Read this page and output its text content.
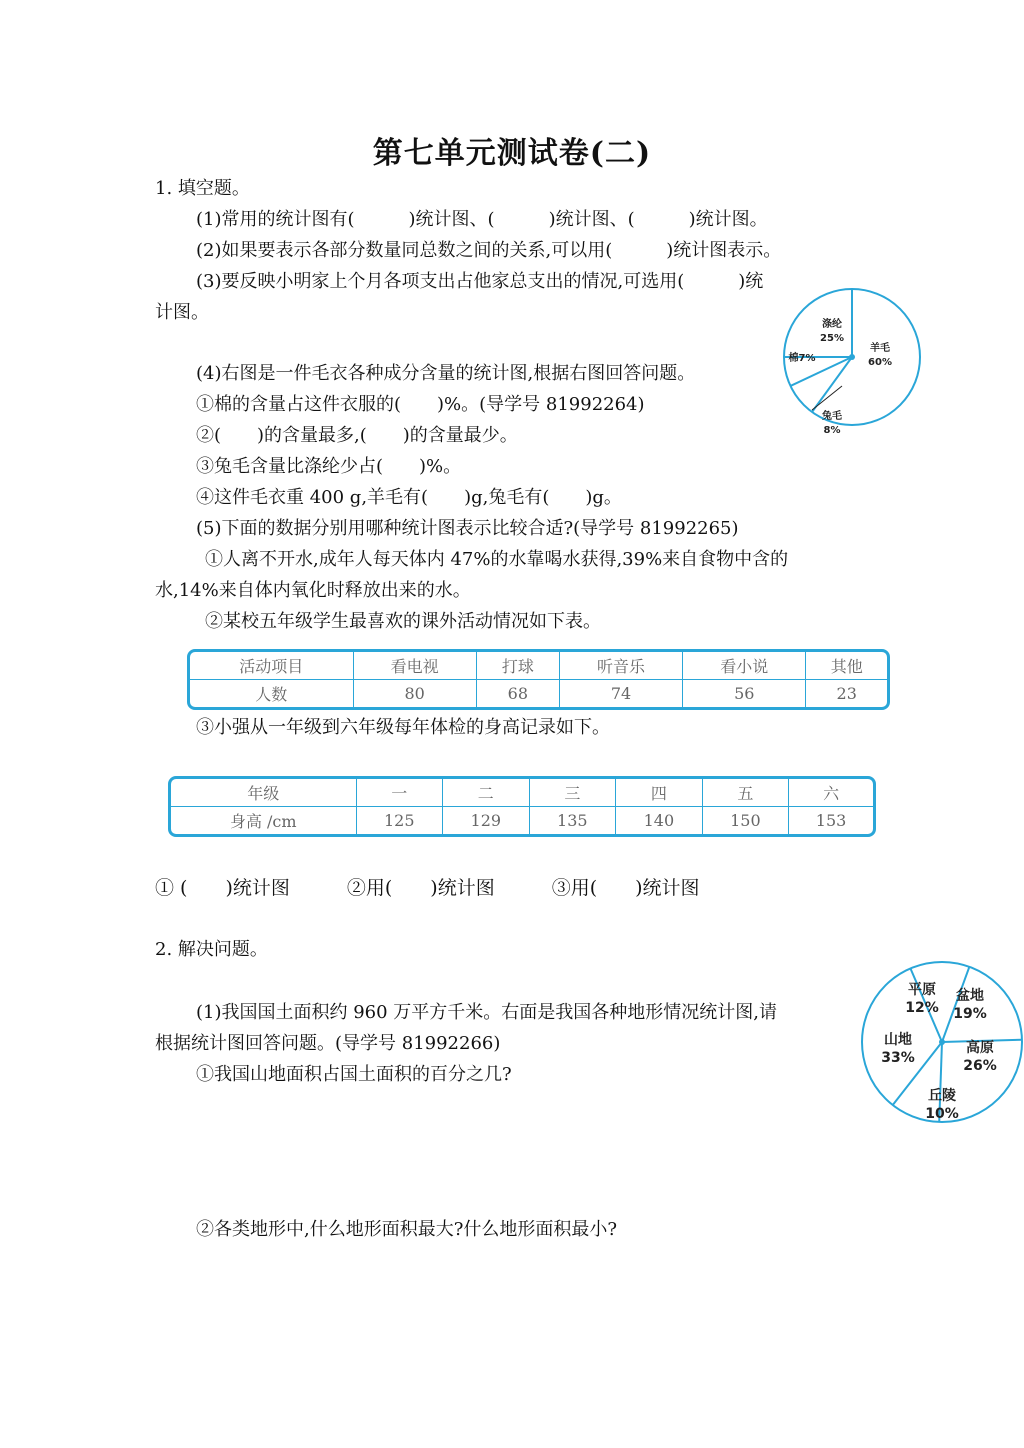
第七单元测试卷(二)
1. 填空题。
(1)常用的统计图有(　　　)统计图、(　　　)统计图、(　　　)统计图。
(2)如果要表示各部分数量同总数之间的关系,可以用(　　　)统计图表示。
(3)要反映小明家上个月各项支出占他家总支出的情况,可选用(　　　)统
计图。
(4)右图是一件毛衣各种成分含量的统计图,根据右图回答问题。
①棉的含量占这件衣服的(　　)%。(导学号 81992264)
②(　　)的含量最多,(　　)的含量最少。
③兔毛含量比涤纶少占(　　)%。
④这件毛衣重 400 g,羊毛有(　　)g,兔毛有(　　)g。
(5)下面的数据分别用哪种统计图表示比较合适?(导学号 81992265)
①人离不开水,成年人每天体内 47%的水靠喝水获得,39%来自食物中含的
水,14%来自体内氧化时释放出来的水。
②某校五年级学生最喜欢的课外活动情况如下表。
羊毛
60%
兔毛
8%
棉7%
涤纶
25%
活动项目	看电视	打球	听音乐	看小说	其他
人数	80	68	74	56	23
③小强从一年级到六年级每年体检的身高记录如下。
年级	一	二	三	四	五	六
身高 /cm	125	129	135	140	150	153
① (　　)统计图　　　②用(　　)统计图　　　③用(　　)统计图
2. 解决问题。
(1)我国国土面积约 960 万平方千米。右面是我国各种地形情况统计图,请
根据统计图回答问题。(导学号 81992266)
①我国山地面积占国土面积的百分之几?
②各类地形中,什么地形面积最大?什么地形面积最小?
盆地
19%
高原
26%
丘陵
10%
山地
33%
平原
12%
